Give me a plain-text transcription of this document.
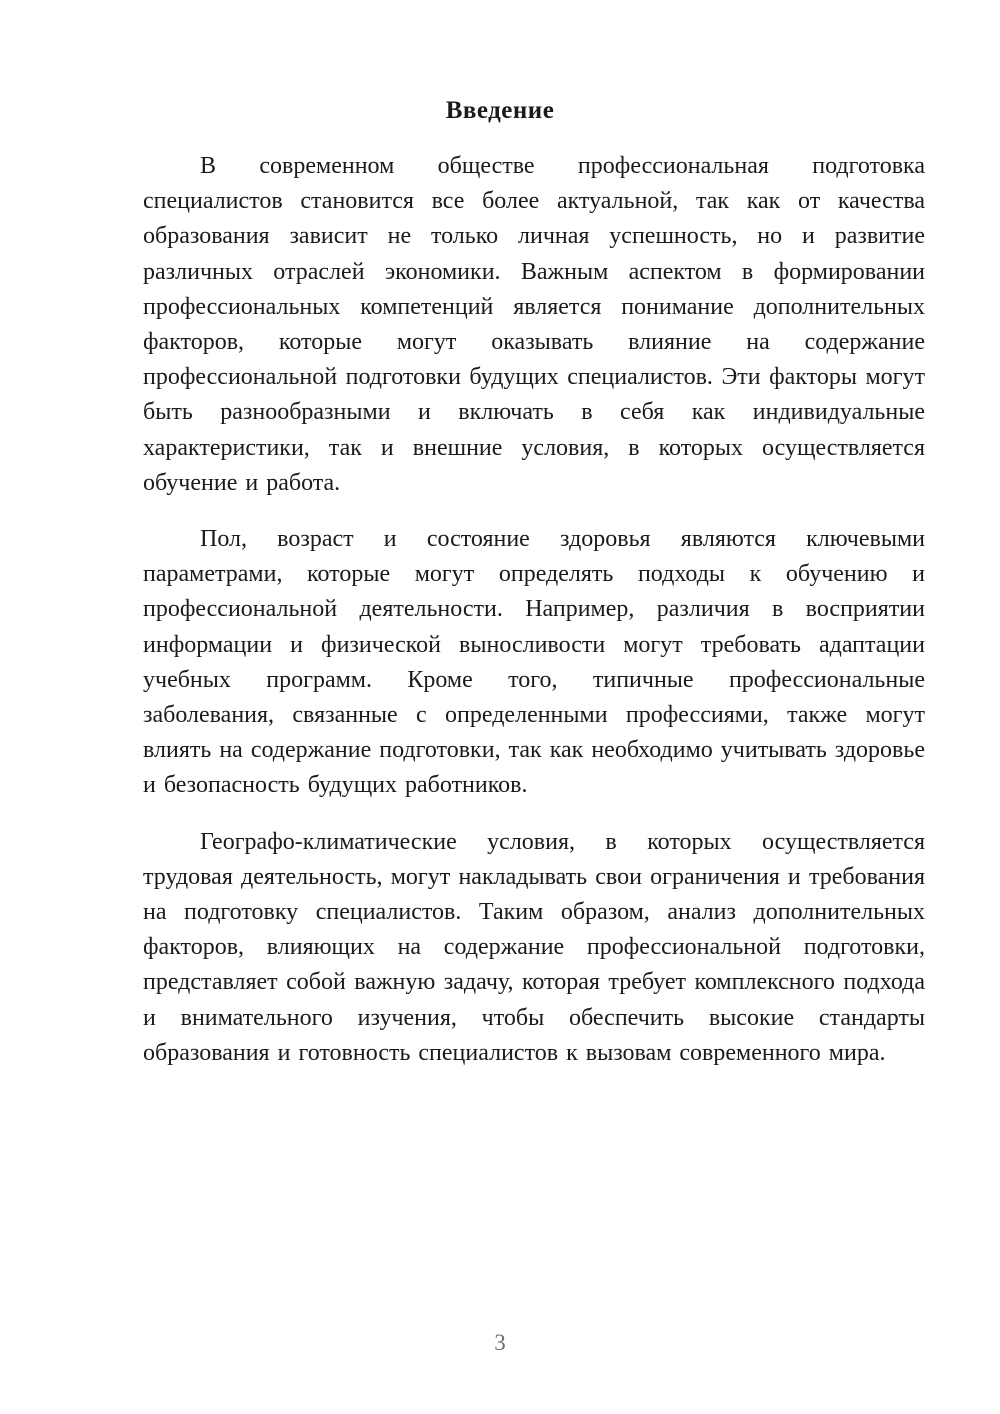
Введение

В современном обществе профессиональная подготовка специалистов становится все более актуальной, так как от качества образования зависит не только личная успешность, но и развитие различных отраслей экономики. Важным аспектом в формировании профессиональных компетенций является понимание дополнительных факторов, которые могут оказывать влияние на содержание профессиональной подготовки будущих специалистов. Эти факторы могут быть разнообразными и включать в себя как индивидуальные характеристики, так и внешние условия, в которых осуществляется обучение и работа.

Пол, возраст и состояние здоровья являются ключевыми параметрами, которые могут определять подходы к обучению и профессиональной деятельности. Например, различия в восприятии информации и физической выносливости могут требовать адаптации учебных программ. Кроме того, типичные профессиональные заболевания, связанные с определенными профессиями, также могут влиять на содержание подготовки, так как необходимо учитывать здоровье и безопасность будущих работников.

Географо-климатические условия, в которых осуществляется трудовая деятельность, могут накладывать свои ограничения и требования на подготовку специалистов. Таким образом, анализ дополнительных факторов, влияющих на содержание профессиональной подготовки, представляет собой важную задачу, которая требует комплексного подхода и внимательного изучения, чтобы обеспечить высокие стандарты образования и готовность специалистов к вызовам современного мира.

3
